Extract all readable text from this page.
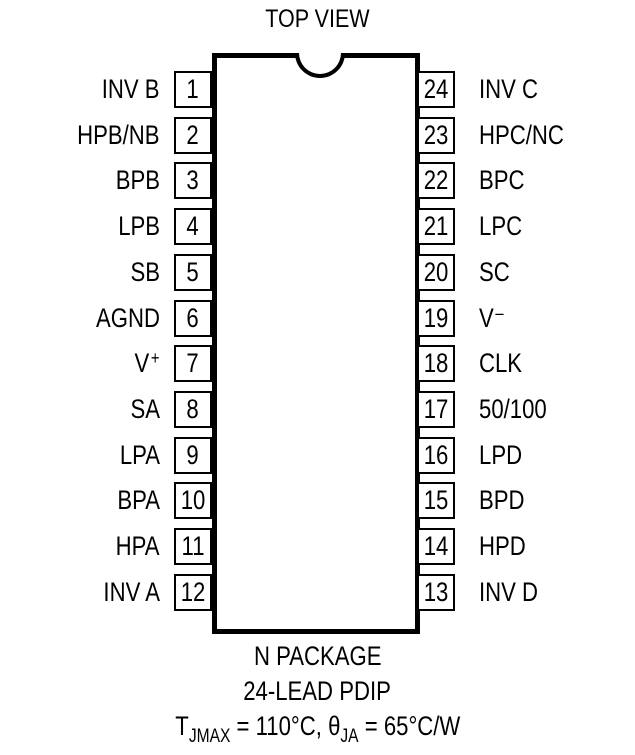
TOP VIEW
1
INV B
2
HPB/NB
3
BPB
4
LPB
5
SB
6
AGND
7
V+
8
SA
9
LPA
10
BPA
11
HPA
12
INV A
24 INV C
23 HPC/NC
22 BPC
21 LPC
20 SC
19 V–
18 CLK
17 50/100
16 LPD
15 BPD
14 HPD
13 INV D
N PACKAGE
24-LEAD PDIP
$T_{JMAX} = 110^\circ C$, $\theta_{JA} = 65^\circ C/W$
